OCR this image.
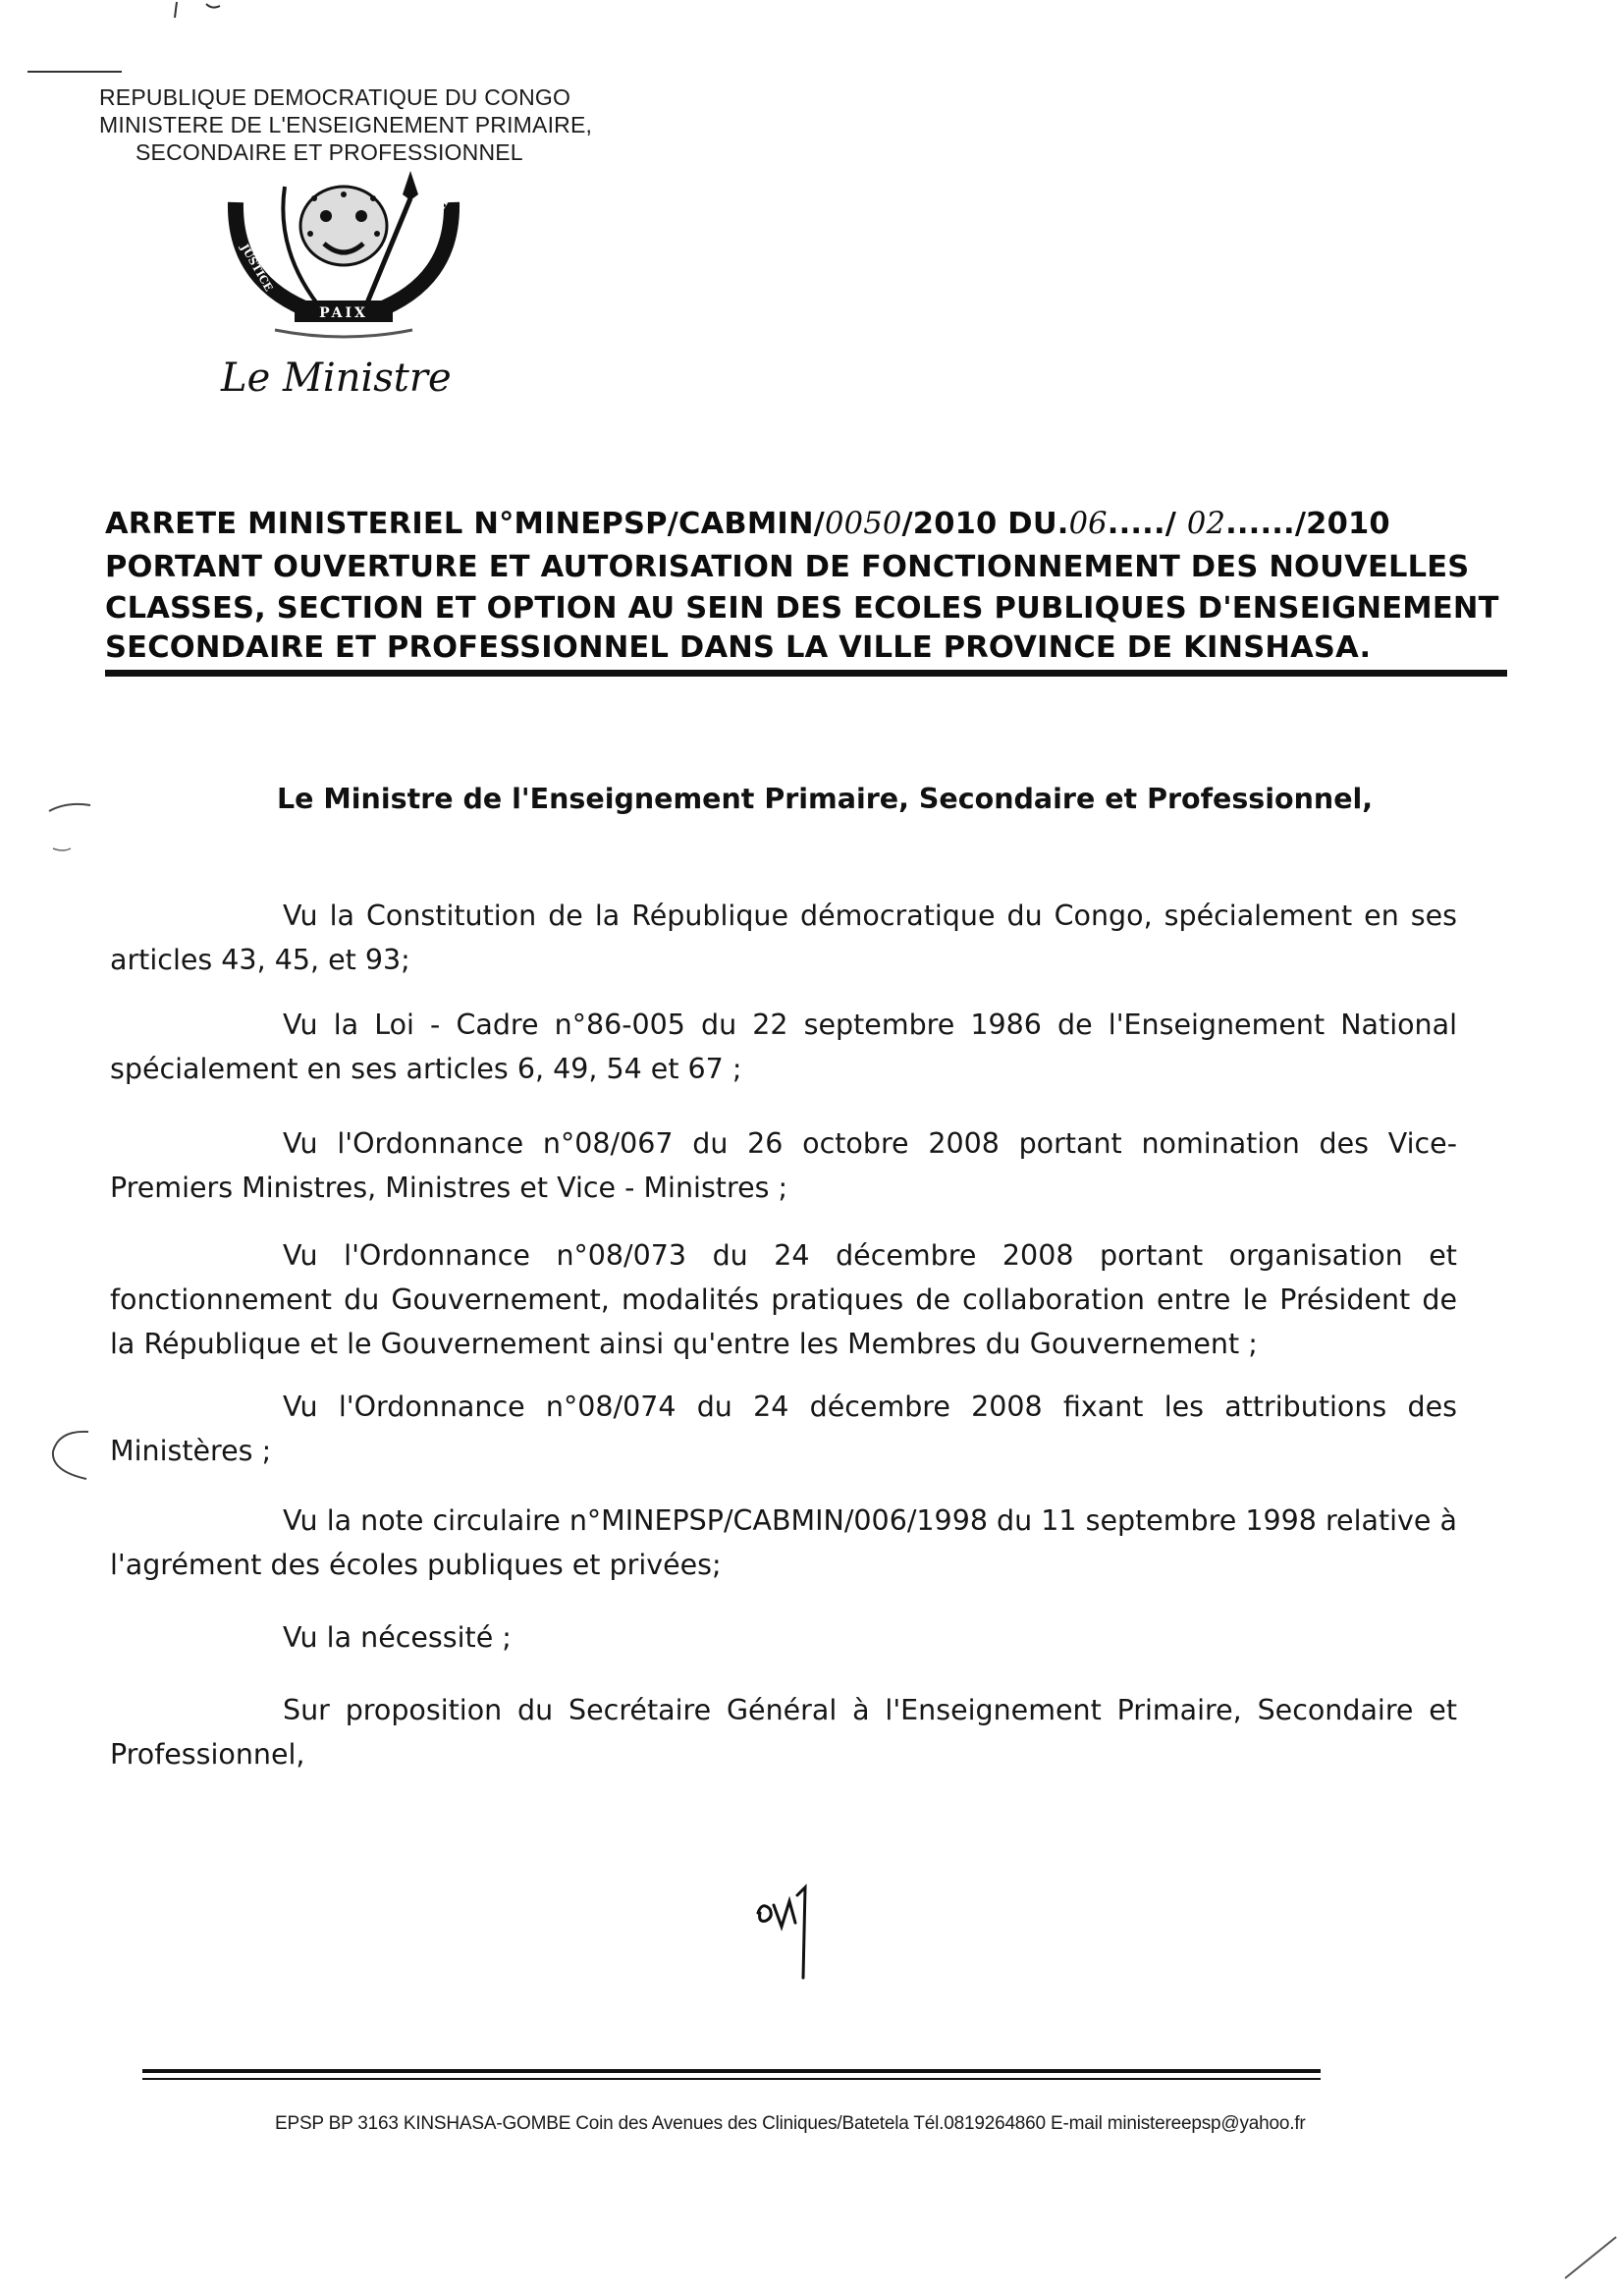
REPUBLIQUE DEMOCRATIQUE DU CONGO
MINISTERE DE L'ENSEIGNEMENT PRIMAIRE,
SECONDAIRE ET PROFESSIONNEL
PAIX
JUSTICE
TRAVAIL
Le Ministre
ARRETE MINISTERIEL N°MINEPSP/CABMIN/0050/2010 DU.06...../ 02....../2010
PORTANT OUVERTURE ET AUTORISATION DE FONCTIONNEMENT DES NOUVELLES
CLASSES, SECTION ET OPTION AU SEIN DES ECOLES PUBLIQUES D'ENSEIGNEMENT
SECONDAIRE ET PROFESSIONNEL DANS LA VILLE PROVINCE DE KINSHASA.
Le Ministre de l'Enseignement Primaire, Secondaire et Professionnel,
Vu la Constitution de la République démocratique du Congo, spécialement en ses articles 43, 45, et 93;
Vu la Loi - Cadre n°86-005 du 22 septembre 1986 de l'Enseignement National spécialement en ses articles 6, 49, 54 et 67 ;
Vu l'Ordonnance n°08/067 du 26 octobre 2008 portant nomination des Vice-Premiers Ministres, Ministres et Vice - Ministres ;
Vu l'Ordonnance n°08/073 du 24 décembre 2008 portant organisation et fonctionnement du Gouvernement, modalités pratiques de collaboration entre le Président de la République et le Gouvernement ainsi qu'entre les Membres du Gouvernement ;
Vu l'Ordonnance n°08/074 du 24 décembre 2008 fixant les attributions des Ministères ;
Vu la note circulaire n°MINEPSP/CABMIN/006/1998 du 11 septembre 1998 relative à l'agrément des écoles publiques et privées;
Vu la nécessité ;
Sur proposition du Secrétaire Général à l'Enseignement Primaire, Secondaire et Professionnel,
EPSP BP 3163 KINSHASA-GOMBE Coin des Avenues des Cliniques/Batetela Tél.0819264860 E-mail ministereepsp@yahoo.fr
